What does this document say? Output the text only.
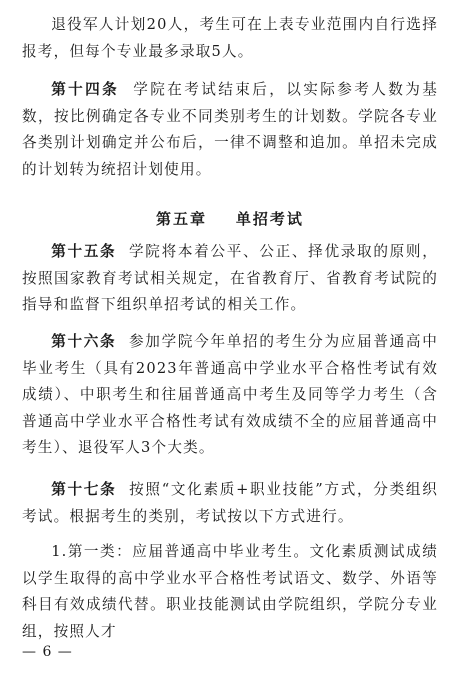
退役军人计划20人，考生可在上表专业范围内自行选择报考，但每个专业最多录取5人。

第十四条 学院在考试结束后，以实际参考人数为基数，按比例确定各专业不同类别考生的计划数。学院各专业各类别计划确定并公布后，一律不调整和追加。单招未完成的计划转为统招计划使用。

第五章    单招考试

第十五条 学院将本着公平、公正、择优录取的原则，按照国家教育考试相关规定，在省教育厅、省教育考试院的指导和监督下组织单招考试的相关工作。

第十六条 参加学院今年单招的考生分为应届普通高中毕业考生（具有2023年普通高中学业水平合格性考试有效成绩）、中职考生和往届普通高中考生及同等学力考生（含普通高中学业水平合格性考试有效成绩不全的应届普通高中考生）、退役军人3个大类。

第十七条 按照“文化素质+职业技能”方式，分类组织考试。根据考生的类别，考试按以下方式进行。

1.第一类：应届普通高中毕业考生。文化素质测试成绩以学生取得的高中学业水平合格性考试语文、数学、外语等科目有效成绩代替。职业技能测试由学院组织，学院分专业组，按照人才

— 6 —
